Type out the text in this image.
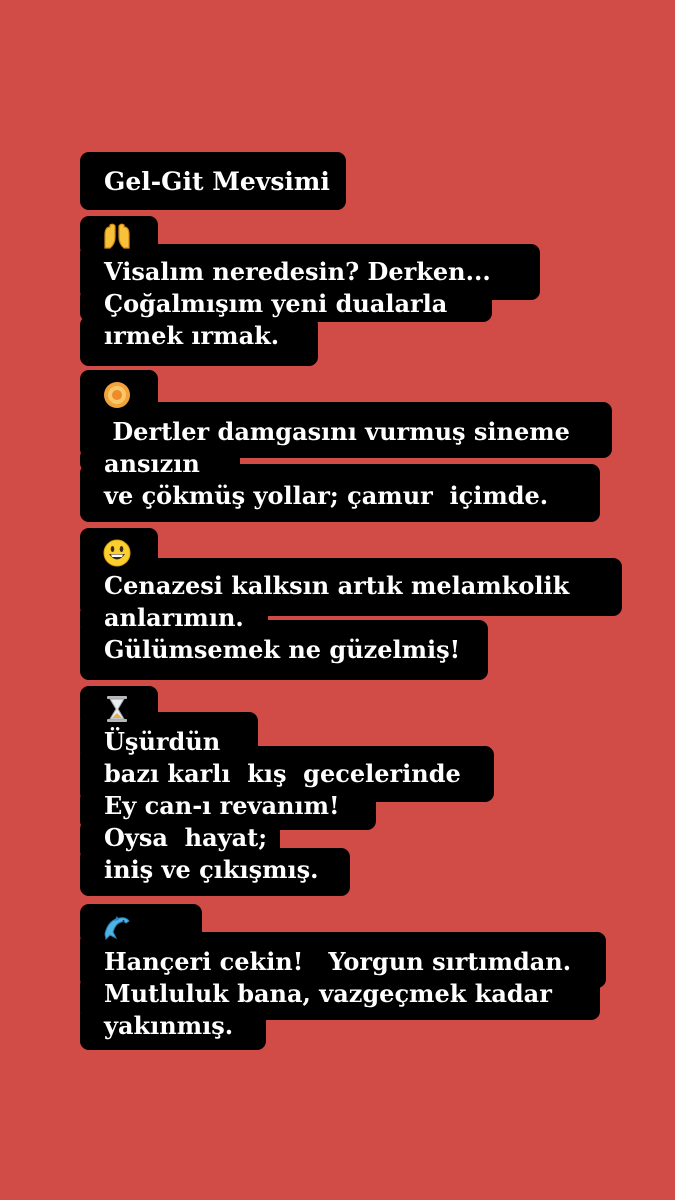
Gel-Git Mevsimi
Visalım neredesin? Derken...
Çoğalmışım yeni dualarla
ırmek ırmak.
Dertler damgasını vurmuş sineme
ansızın
ve çökmüş yollar; çamur  içimde.
Cenazesi kalksın artık melamkolik
anlarımın.
Gülümsemek ne güzelmiş!
Üşürdün
bazı karlı  kış  gecelerinde
Ey can-ı revanım!
Oysa  hayat;
iniş ve çıkışmış.
Hançeri cekin!   Yorgun sırtımdan.
Mutluluk bana, vazgeçmek kadar
yakınmış.
